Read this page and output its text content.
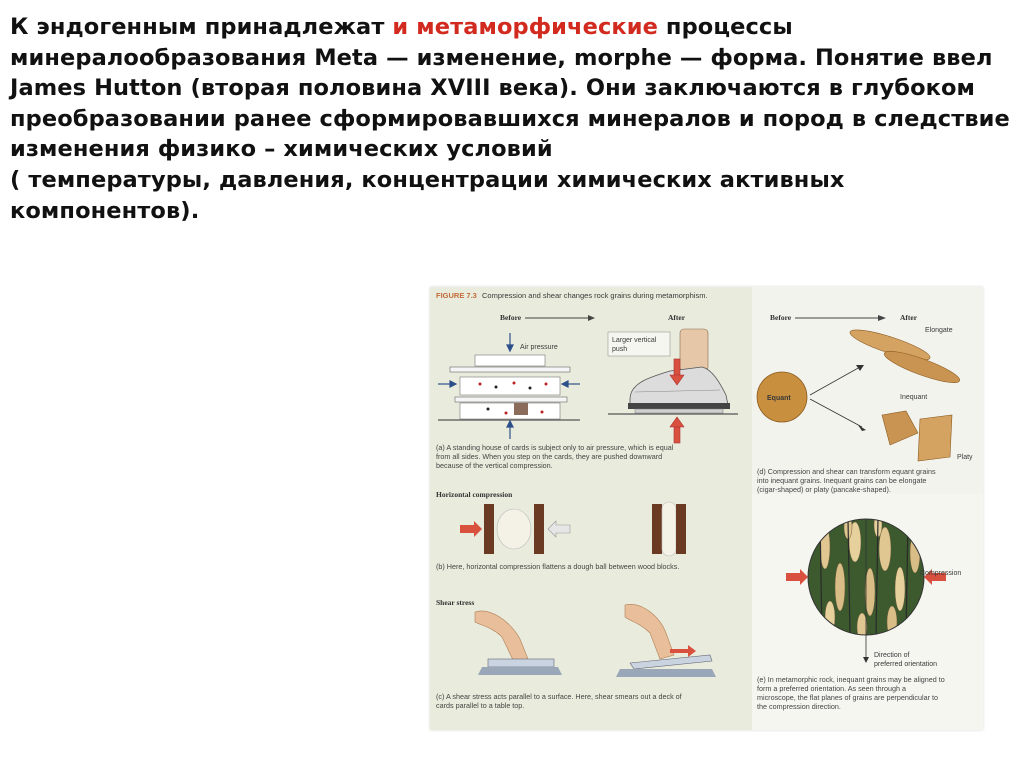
К эндогенным принадлежат и метаморфические процессы минералообразования Meta — изменение, morphe — форма. Понятие ввел James Hutton (вторая половина XVIII века). Они заключаются в глубоком преобразовании ранее сформировавшихся минералов и пород в следствие изменения физико – химических условий
( температуры, давления, концентрации химических активных компонентов).

FIGURE 7.3 Compression and shear changes rock grains during metamorphism.
Before	After
Air pressure
Larger vertical
push
(a) A standing house of cards is subject only to air pressure, which is equal
from all sides. When you step on the cards, they are pushed downward
because of the vertical compression.
Horizontal compression
(b) Here, horizontal compression flattens a dough ball between wood blocks.
Shear stress
(c) A shear stress acts parallel to a surface. Here, shear smears out a deck of
cards parallel to a table top.
Before	After
Equant
Elongate
Inequant
Platy
(d) Compression and shear can transform equant grains
into inequant grains. Inequant grains can be elongate
(cigar-shaped) or platy (pancake-shaped).
Compression
Direction of
preferred orientation
(e) In metamorphic rock, inequant grains may be aligned to
form a preferred orientation. As seen through a
microscope, the flat planes of grains are perpendicular to
the compression direction.
